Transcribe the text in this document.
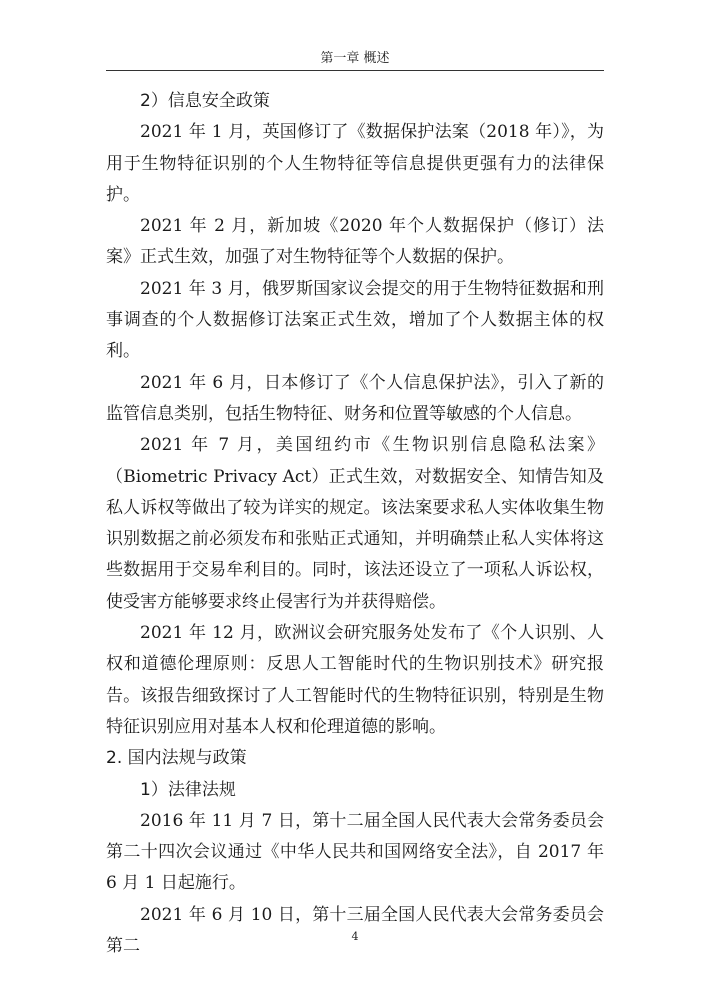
第一章 概述

2）信息安全政策

2021 年 1 月，英国修订了《数据保护法案（2018 年）》，为用于生物特征识别的个人生物特征等信息提供更强有力的法律保护。

2021 年 2 月，新加坡《2020 年个人数据保护（修订）法案》正式生效，加强了对生物特征等个人数据的保护。

2021 年 3 月，俄罗斯国家议会提交的用于生物特征数据和刑事调查的个人数据修订法案正式生效，增加了个人数据主体的权利。

2021 年 6 月，日本修订了《个人信息保护法》，引入了新的监管信息类别，包括生物特征、财务和位置等敏感的个人信息。

2021 年 7 月，美国纽约市《生物识别信息隐私法案》（Biometric Privacy Act）正式生效，对数据安全、知情告知及私人诉权等做出了较为详实的规定。该法案要求私人实体收集生物识别数据之前必须发布和张贴正式通知，并明确禁止私人实体将这些数据用于交易牟利目的。同时，该法还设立了一项私人诉讼权，使受害方能够要求终止侵害行为并获得赔偿。

2021 年 12 月，欧洲议会研究服务处发布了《个人识别、人权和道德伦理原则：反思人工智能时代的生物识别技术》研究报告。该报告细致探讨了人工智能时代的生物特征识别，特别是生物特征识别应用对基本人权和伦理道德的影响。

2. 国内法规与政策

1）法律法规

2016 年 11 月 7 日，第十二届全国人民代表大会常务委员会第二十四次会议通过《中华人民共和国网络安全法》，自 2017 年 6 月 1 日起施行。

2021 年 6 月 10 日，第十三届全国人民代表大会常务委员会第二	4
